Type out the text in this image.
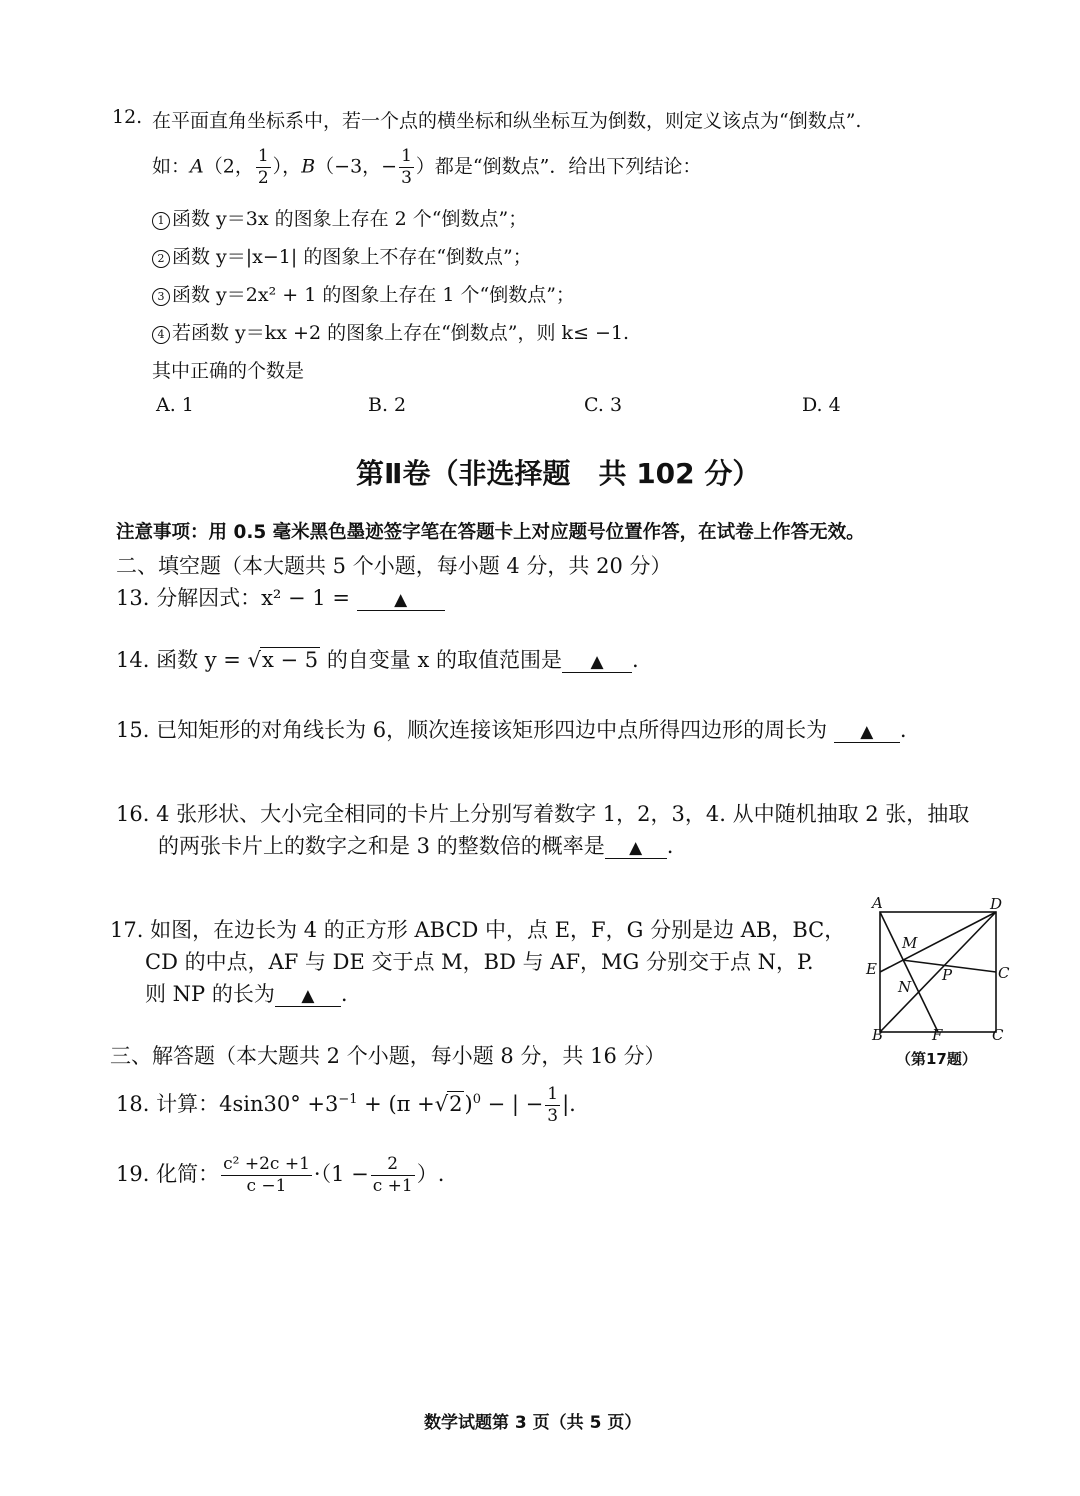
12. 在平面直角坐标系中，若一个点的横坐标和纵坐标互为倒数，则定义该点为“倒数点”.
如：A（2， $\frac{1}{2}$ ），B（−3，− $\frac{1}{3}$ ）都是“倒数点”．给出下列结论：
1 函数 y＝3x 的图象上存在 2 个“倒数点”；
2 函数 y＝|x−1| 的图象上不存在“倒数点”；
3 函数 y＝2x² + 1 的图象上存在 1 个“倒数点”；
4 若函数 y＝kx +2 的图象上存在“倒数点”，则 k≤ −1.
其中正确的个数是
A. 1	B. 2	C. 3	D. 4
第Ⅱ卷（非选择题　共 102 分）
注意事项：用 0.5 毫米黑色墨迹签字笔在答题卡上对应题号位置作答，在试卷上作答无效。
二、填空题（本大题共 5 个小题，每小题 4 分，共 20 分）
13. 分解因式：x² − 1 =	▲
14. 函数 y = √x − 5 的自变量 x 的取值范围是 ▲ .
15. 已知矩形的对角线长为 6，顺次连接该矩形四边中点所得四边形的周长为 ▲ .
16. 4 张形状、大小完全相同的卡片上分别写着数字 1，2，3，4. 从中随机抽取 2 张，抽取
的两张卡片上的数字之和是 3 的整数倍的概率是 ▲ .
17. 如图，在边长为 4 的正方形 ABCD 中，点 E，F，G 分别是边 AB，BC，
CD 的中点，AF 与 DE 交于点 M，BD 与 AF，MG 分别交于点 N，P.
则 NP 的长为 ▲ .
A	D
M
E	P	C
N
B	F	C
（第17题）
三、解答题（本大题共 2 个小题，每小题 8 分，共 16 分）
18. 计算：$4\sin 30^\circ +3^{-1} + (\pi +√2)^0$ − | − $\frac{1}{3}$ |.
19. 化简： $\frac{\text{c² +2c +1}}{c -1} \cdot(1 - \frac{2}{c +1}$ ）.
数学试题第 3 页（共 5 页）
